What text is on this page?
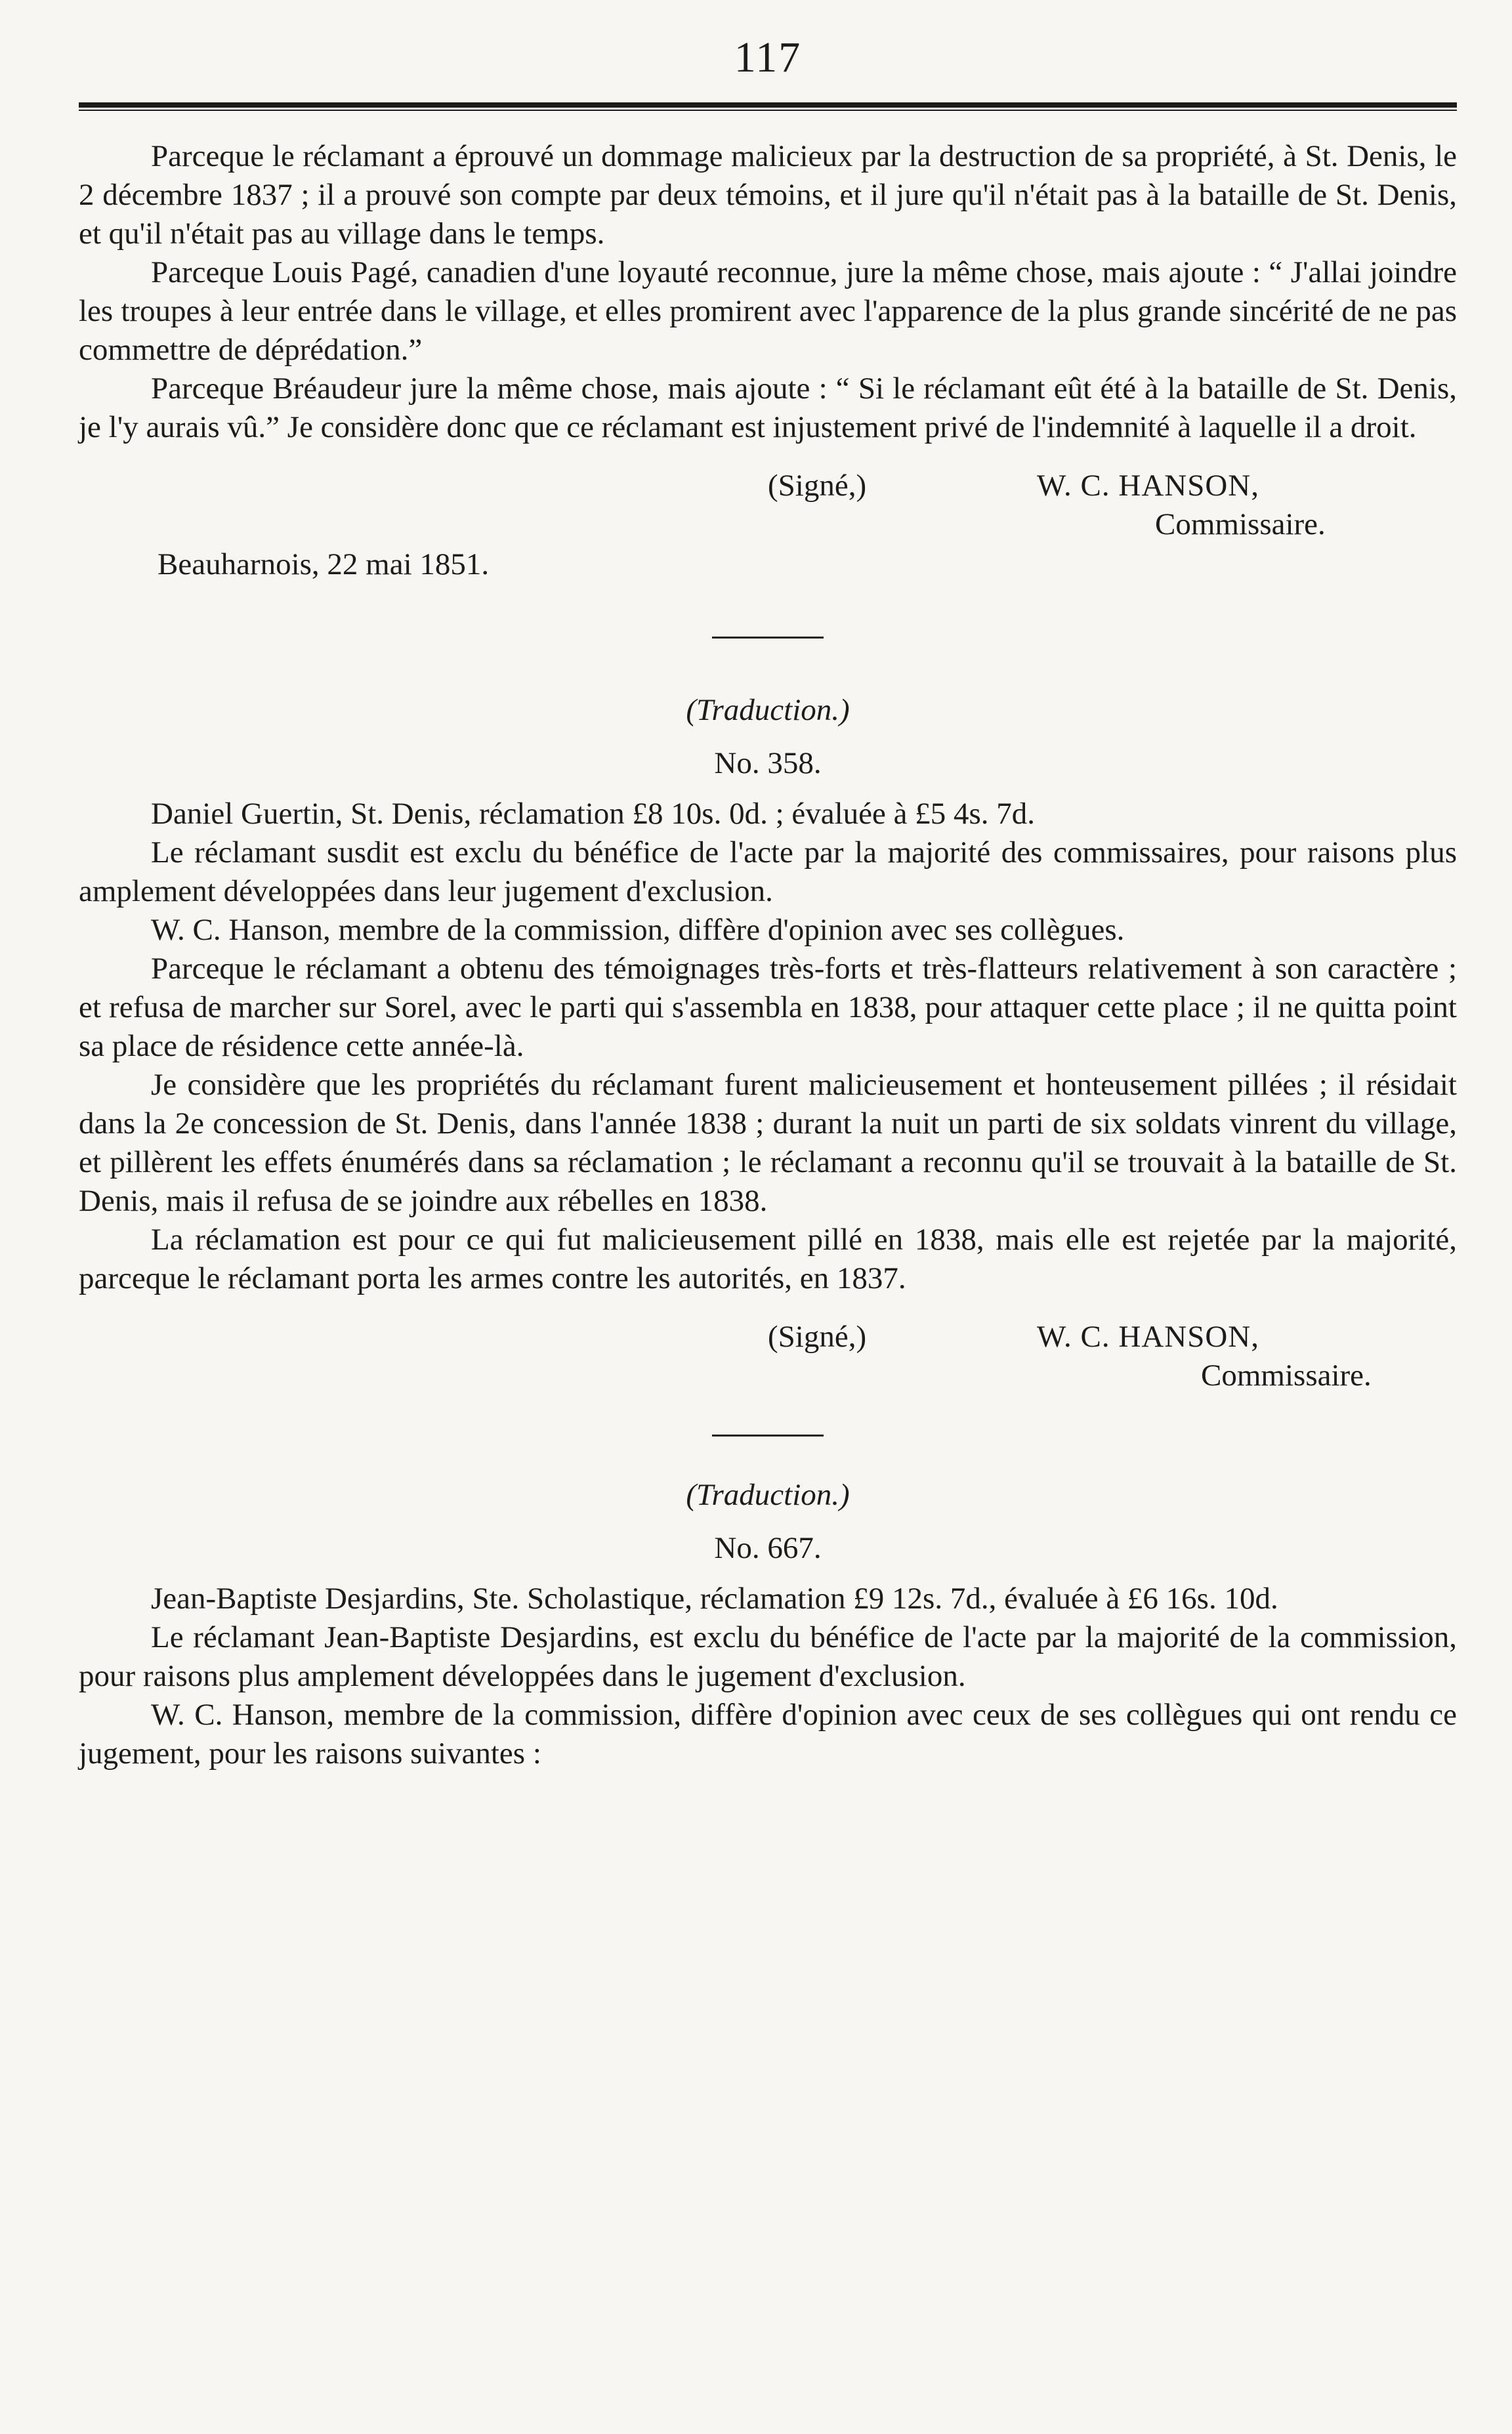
117

Parceque le réclamant a éprouvé un dommage malicieux par la destruction de sa propriété, à St. Denis, le 2 décembre 1837 ; il a prouvé son compte par deux témoins, et il jure qu'il n'était pas à la bataille de St. Denis, et qu'il n'était pas au village dans le temps.

Parceque Louis Pagé, canadien d'une loyauté reconnue, jure la même chose, mais ajoute : “ J'allai joindre les troupes à leur entrée dans le village, et elles promirent avec l'apparence de la plus grande sincérité de ne pas commettre de déprédation.”

Parceque Bréaudeur jure la même chose, mais ajoute : “ Si le réclamant eût été à la bataille de St. Denis, je l'y aurais vû.” Je considère donc que ce réclamant est injustement privé de l'indemnité à laquelle il a droit.

(Signé,)	W. C. HANSON,
Commissaire.
Beauharnois, 22 mai 1851.
(Traduction.)
No. 358.

Daniel Guertin, St. Denis, réclamation £8 10s. 0d. ; évaluée à £5 4s. 7d.

Le réclamant susdit est exclu du bénéfice de l'acte par la majorité des commissaires, pour raisons plus amplement développées dans leur jugement d'exclusion.

W. C. Hanson, membre de la commission, diffère d'opinion avec ses collègues.

Parceque le réclamant a obtenu des témoignages très-forts et très-flatteurs relativement à son caractère ; et refusa de marcher sur Sorel, avec le parti qui s'assembla en 1838, pour attaquer cette place ; il ne quitta point sa place de résidence cette année-là.

Je considère que les propriétés du réclamant furent malicieusement et honteusement pillées ; il résidait dans la 2e concession de St. Denis, dans l'année 1838 ; durant la nuit un parti de six soldats vinrent du village, et pillèrent les effets énumérés dans sa réclamation ; le réclamant a reconnu qu'il se trouvait à la bataille de St. Denis, mais il refusa de se joindre aux rébelles en 1838.

La réclamation est pour ce qui fut malicieusement pillé en 1838, mais elle est rejetée par la majorité, parceque le réclamant porta les armes contre les autorités, en 1837.

(Signé,)	W. C. HANSON,
Commissaire.
(Traduction.)
No. 667.

Jean-Baptiste Desjardins, Ste. Scholastique, réclamation £9 12s. 7d., évaluée à £6 16s. 10d.

Le réclamant Jean-Baptiste Desjardins, est exclu du bénéfice de l'acte par la majorité de la commission, pour raisons plus amplement développées dans le jugement d'exclusion.

W. C. Hanson, membre de la commission, diffère d'opinion avec ceux de ses collègues qui ont rendu ce jugement, pour les raisons suivantes :
